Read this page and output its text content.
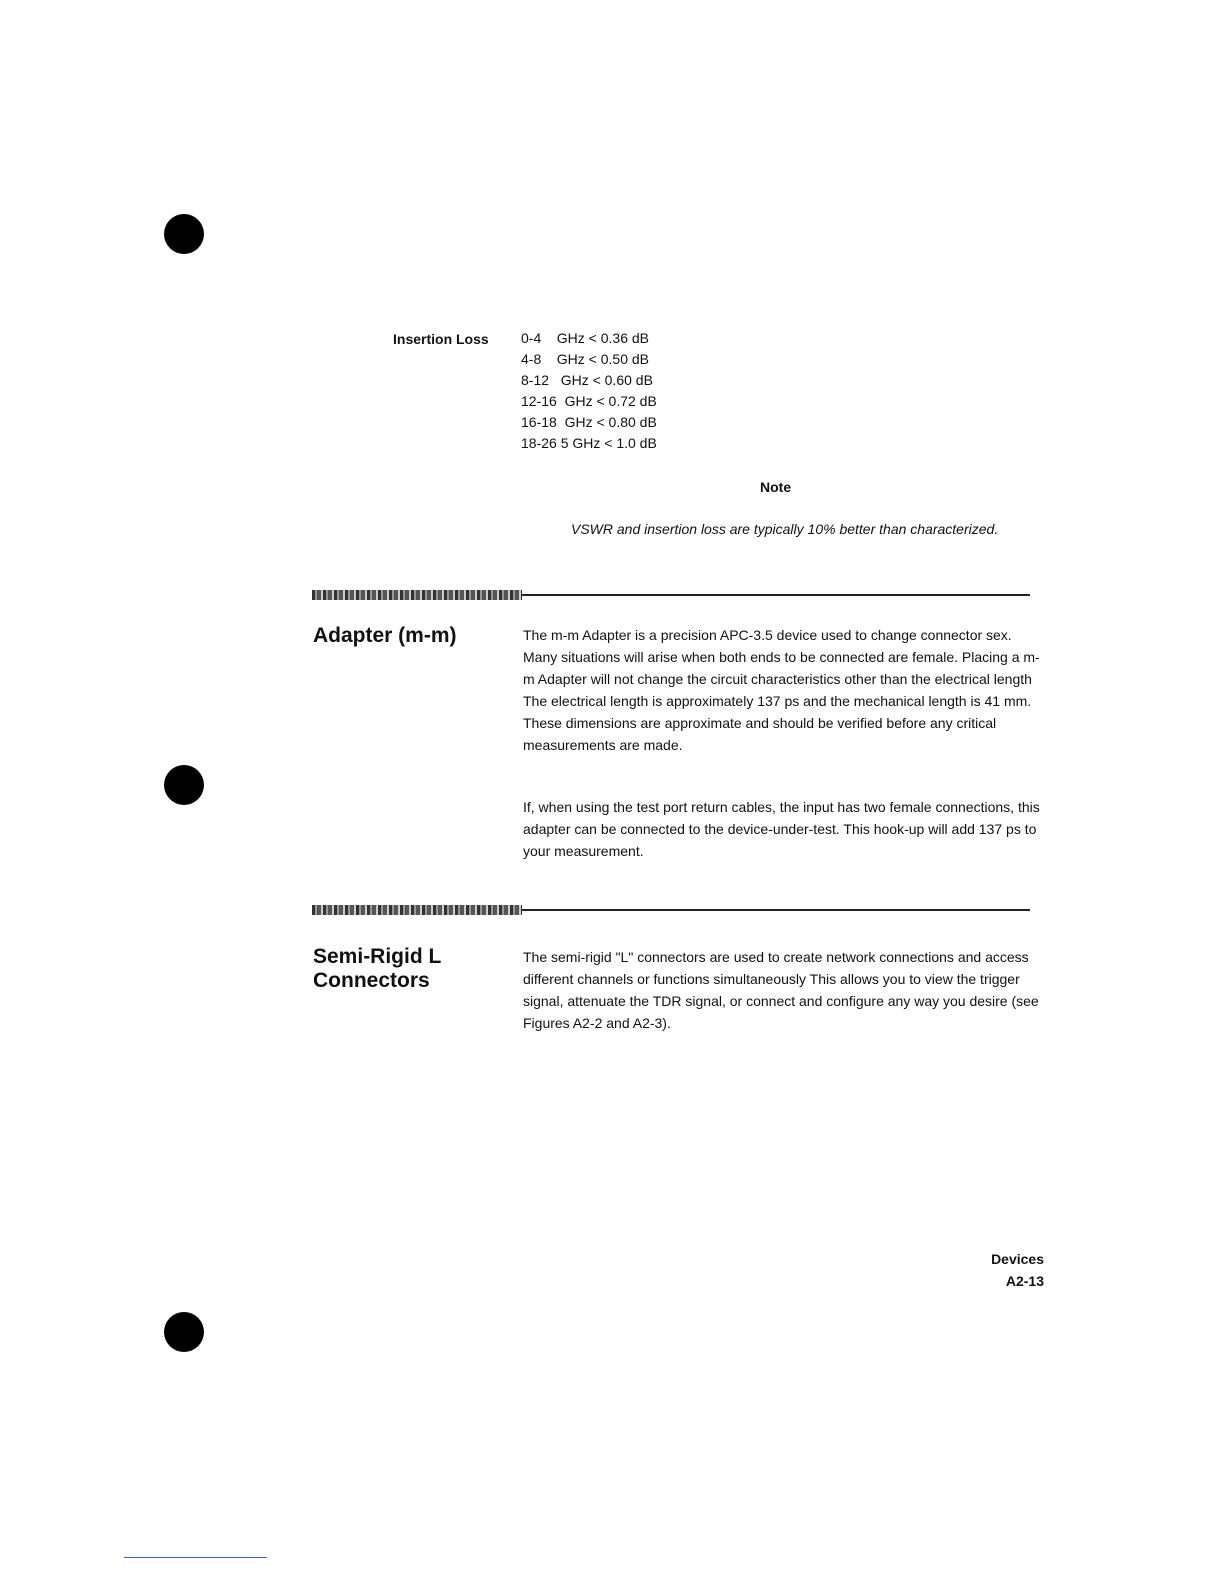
Insertion Loss 0-4    GHz < 0.36 dB
4-8    GHz < 0.50 dB
8-12   GHz < 0.60 dB
12-16  GHz < 0.72 dB
16-18  GHz < 0.80 dB
18-26 5 GHz < 1.0 dB
Note
VSWR and insertion loss are typically 10% better than characterized.
Adapter (m-m)	The m-m Adapter is a precision APC-3.5 device used to change connector sex. Many situations will arise when both ends to be connected are female. Placing a m-m Adapter will not change the circuit characteristics other than the electrical length The electrical length is approximately 137 ps and the mechanical length is 41 mm. These dimensions are approximate and should be verified before any critical measurements are made.
If, when using the test port return cables, the input has two female connections, this adapter can be connected to the device-under-test. This hook-up will add 137 ps to your measurement.
Semi-Rigid L
Connectors
The semi-rigid "L" connectors are used to create network connections and access different channels or functions simultaneously This allows you to view the trigger signal, attenuate the TDR signal, or connect and configure any way you desire (see Figures A2-2 and A2-3).
Devices
A2-13
